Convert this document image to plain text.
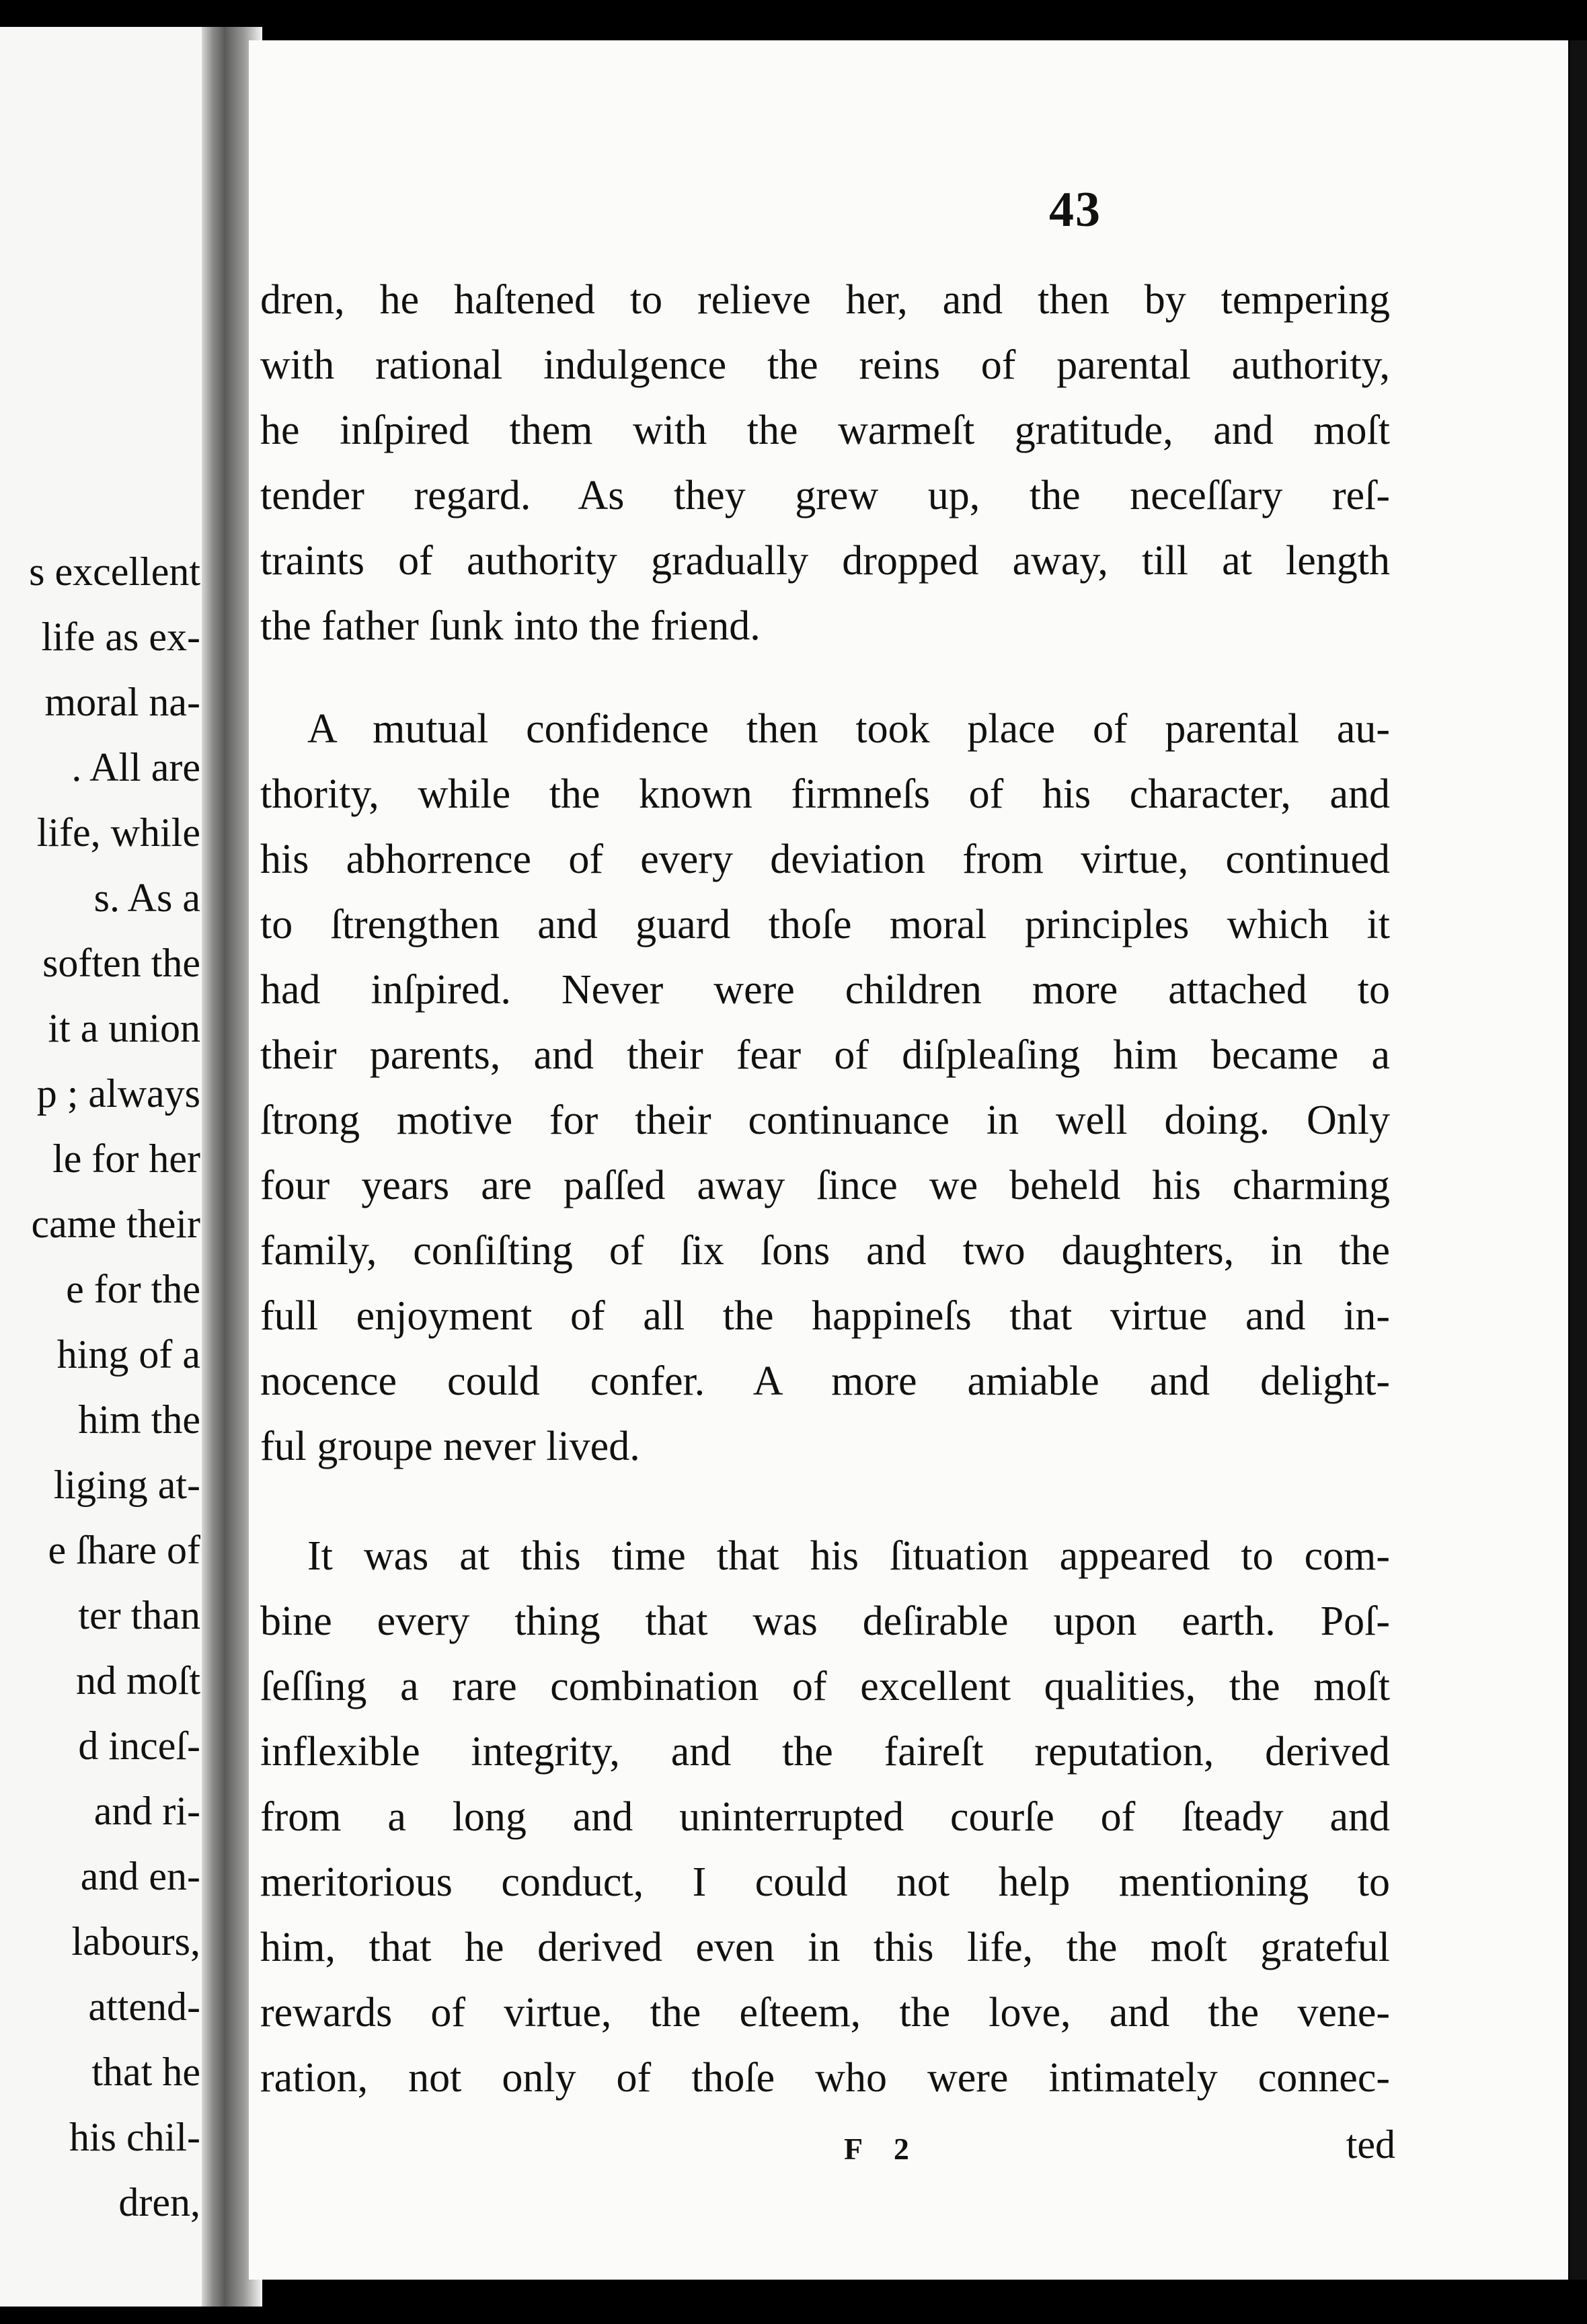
s excellent
life as ex-
moral na-
. All are
life, while
s. As a
soften the
it a union
p ; always
le for her
came their
e for the
hing of a
him the
liging at-
e ſhare of
ter than
nd moſt
d inceſ-
and ri-
and en-
labours,
attend-
that he
his chil-
dren,
43
dren, he haſtened to relieve her, and then by tempering
with rational indulgence the reins of parental authority,
he inſpired them with the warmeſt gratitude, and moſt
tender regard. As they grew up, the neceſſary reſ-
traints of authority gradually dropped away, till at length
the father ſunk into the friend.
A mutual confidence then took place of parental au-
thority, while the known firmneſs of his character, and
his abhorrence of every deviation from virtue, continued
to ſtrengthen and guard thoſe moral principles which it
had inſpired. Never were children more attached to
their parents, and their fear of diſpleaſing him became a
ſtrong motive for their continuance in well doing. Only
four years are paſſed away ſince we beheld his charming
family, conſiſting of ſix ſons and two daughters, in the
full enjoyment of all the happineſs that virtue and in-
nocence could confer. A more amiable and delight-
ful groupe never lived.
It was at this time that his ſituation appeared to com-
bine every thing that was deſirable upon earth. Poſ-
ſeſſing a rare combination of excellent qualities, the moſt
inflexible integrity, and the faireſt reputation, derived
from a long and uninterrupted courſe of ſteady and
meritorious conduct, I could not help mentioning to
him, that he derived even in this life, the moſt grateful
rewards of virtue, the eſteem, the love, and the vene-
ration, not only of thoſe who were intimately connec-
F 2	ted
